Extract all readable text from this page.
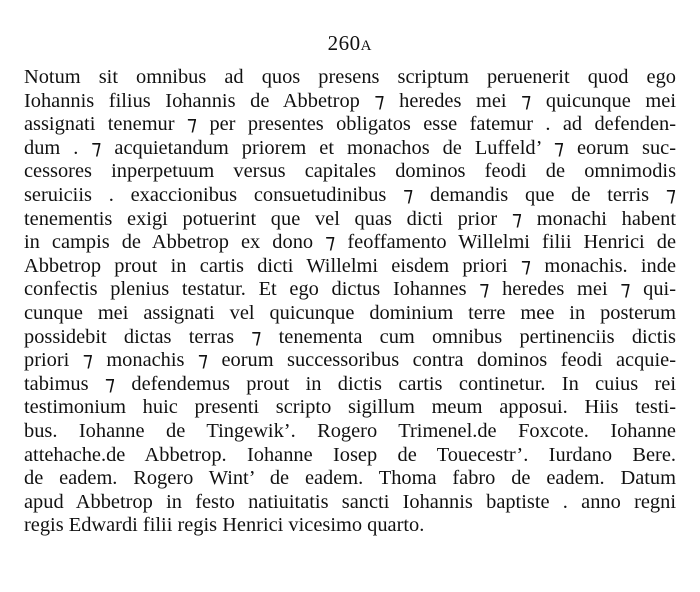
260A
Notum sit omnibus ad quos presens scriptum peruenerit quod ego
Iohannis filius Iohannis de Abbetrop ⁊ heredes mei ⁊ quicunque mei
assignati tenemur ⁊ per presentes obligatos esse fatemur . ad defenden-
dum . ⁊ acquietandum priorem et monachos de Luffeld’ ⁊ eorum suc-
cessores inperpetuum versus capitales dominos feodi de omnimodis
seruiciis . exaccionibus consuetudinibus ⁊ demandis que de terris ⁊
tenementis exigi potuerint que vel quas dicti prior ⁊ monachi habent
in campis de Abbetrop ex dono ⁊ feoffamento Willelmi filii Henrici de
Abbetrop prout in cartis dicti Willelmi eisdem priori ⁊ monachis. inde
confectis plenius testatur. Et ego dictus Iohannes ⁊ heredes mei ⁊ qui-
cunque mei assignati vel quicunque dominium terre mee in posterum
possidebit dictas terras ⁊ tenementa cum omnibus pertinenciis dictis
priori ⁊ monachis ⁊ eorum successoribus contra dominos feodi acquie-
tabimus ⁊ defendemus prout in dictis cartis continetur. In cuius rei
testimonium huic presenti scripto sigillum meum apposui. Hiis testi-
bus. Iohanne de Tingewik’. Rogero Trimenel.de Foxcote. Iohanne
attehache.de Abbetrop. Iohanne Iosep de Touecestr’. Iurdano Bere.
de eadem. Rogero Wint’ de eadem. Thoma fabro de eadem. Datum
apud Abbetrop in festo natiuitatis sancti Iohannis baptiste . anno regni
regis Edwardi filii regis Henrici vicesimo quarto.
